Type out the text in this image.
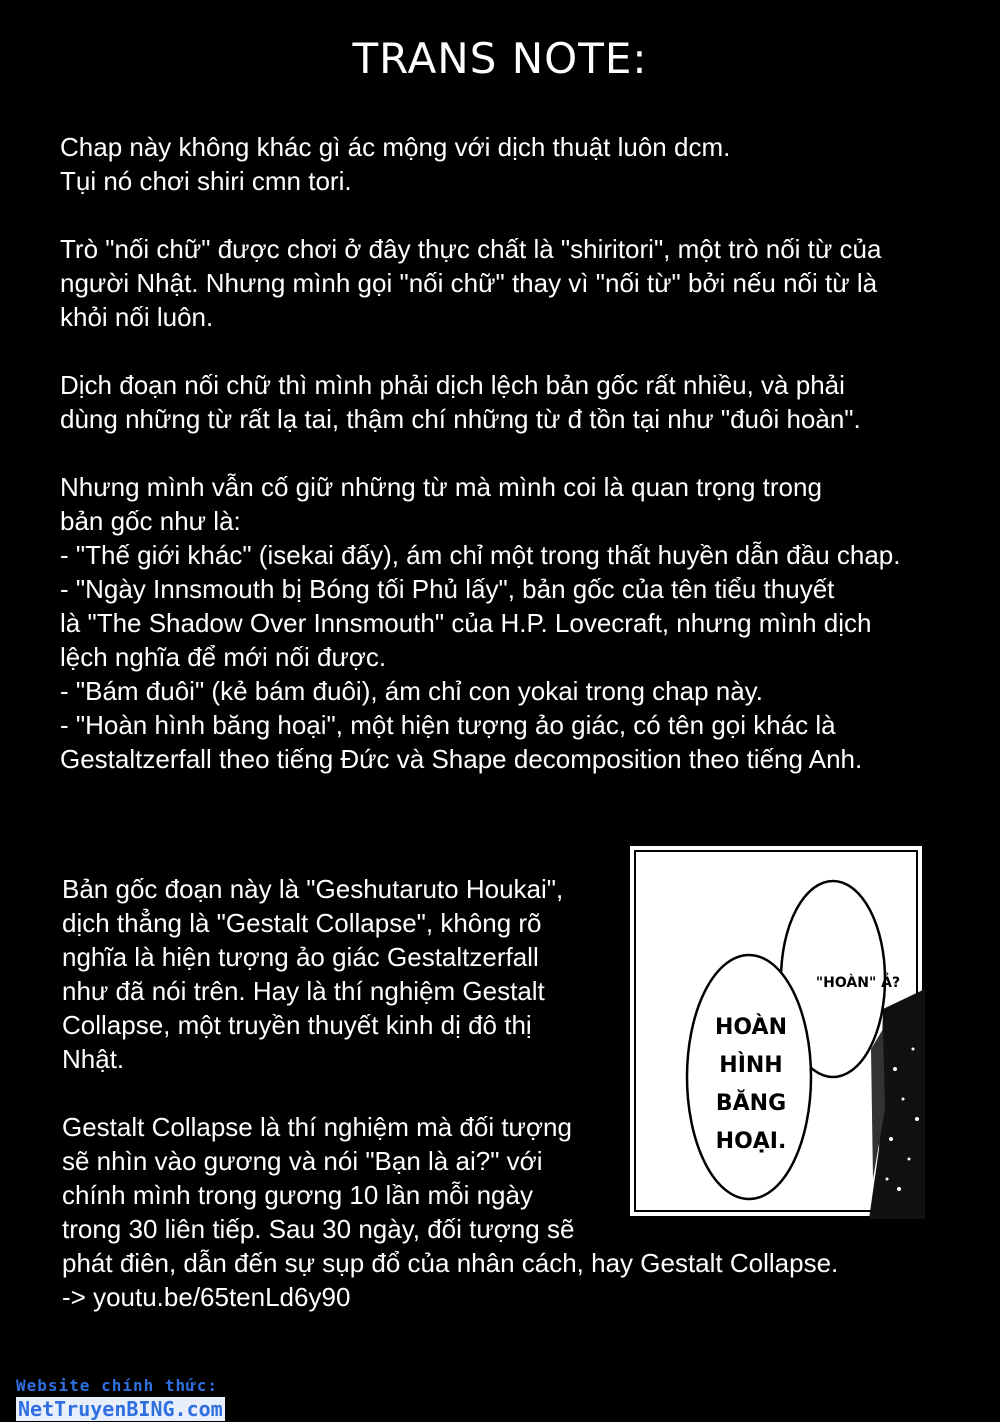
TRANS NOTE:
Chap này không khác gì ác mộng với dịch thuật luôn dcm.
Tụi nó chơi shiri cmn tori.
Trò "nối chữ" được chơi ở đây thực chất là "shiritori", một trò nối từ của
người Nhật. Nhưng mình gọi "nối chữ" thay vì "nối từ" bởi nếu nối từ là
khỏi nối luôn.
Dịch đoạn nối chữ thì mình phải dịch lệch bản gốc rất nhiều, và phải
dùng những từ rất lạ tai, thậm chí những từ đ tồn tại như "đuôi hoàn".
Nhưng mình vẫn cố giữ những từ mà mình coi là quan trọng trong
bản gốc như là:
- "Thế giới khác" (isekai đấy), ám chỉ một trong thất huyền dẫn đầu chap.
- "Ngày Innsmouth bị Bóng tối Phủ lấy", bản gốc của tên tiểu thuyết
là "The Shadow Over Innsmouth" của H.P. Lovecraft, nhưng mình dịch
lệch nghĩa để mới nối được.
- "Bám đuôi" (kẻ bám đuôi), ám chỉ con yokai trong chap này.
- "Hoàn hình băng hoại", một hiện tượng ảo giác, có tên gọi khác là
Gestaltzerfall theo tiếng Đức và Shape decomposition theo tiếng Anh.
Bản gốc đoạn này là "Geshutaruto Houkai",
dịch thẳng là "Gestalt Collapse", không rõ
nghĩa là hiện tượng ảo giác Gestaltzerfall
như đã nói trên. Hay là thí nghiệm Gestalt
Collapse, một truyền thuyết kinh dị đô thị
Nhật.
Gestalt Collapse là thí nghiệm mà đối tượng
sẽ nhìn vào gương và nói "Bạn là ai?" với
chính mình trong gương 10 lần mỗi ngày
trong 30 liên tiếp. Sau 30 ngày, đối tượng sẽ
phát điên, dẫn đến sự sụp đổ của nhân cách, hay Gestalt Collapse.
-> youtu.be/65tenLd6y90
"HOÀN" Ả?
HOÀN
HÌNH
BĂNG
HOẠI.
Website chính thức:
NetTruyenBING.com
